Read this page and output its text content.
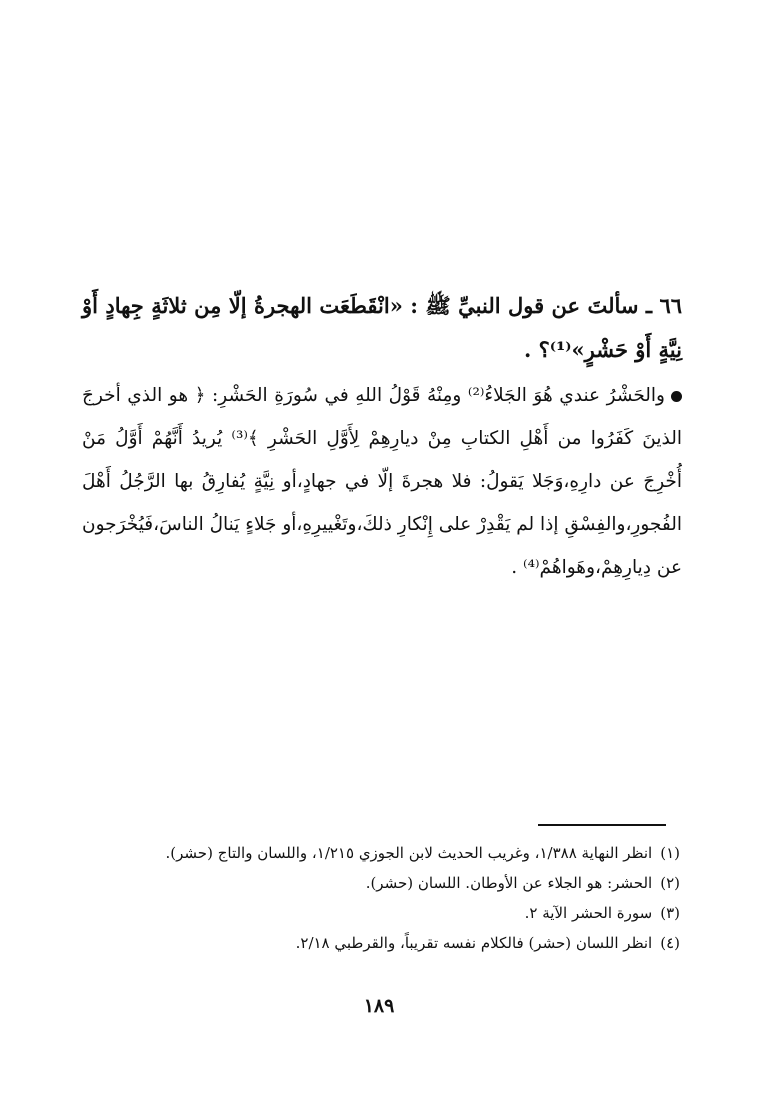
٦٦ ـ سألتَ عن قول النبيِّ ﷺ : «انْقَطَعَت الهجرةُ إلّا مِن ثلاثَةٍ جِهادٍ أَوْ نِيَّةٍ أَوْ حَشْرٍ»⁽¹⁾؟ .

والحَشْرُ عندي هُوَ الجَلاءُ⁽²⁾ ومِنْهُ قَوْلُ اللهِ في سُورَةِ الحَشْرِ: ﴿ هو الذي أخرجَ الذينَ كَفَرُوا من أَهْلِ الكتابِ مِنْ ديارِهِمْ لِأَوَّلِ الحَشْرِ ﴾⁽³⁾ يُريدُ أَنَّهُمْ أَوَّلُ مَنْ أُخْرِجَ عن دارِهِ،وَجَلا يَقولُ: فلا هجرةَ إلّا في جهادٍ،أو نِيَّةٍ يُفارِقُ بها الرَّجُلُ أَهْلَ الفُجورِ،والفِسْقِ إذا لم يَقْدِرْ على إِنْكارِ ذلكَ،وتَغْييرِهِ،أو جَلاءٍ يَنالُ الناسَ،فَيُخْرَجون عن دِيارِهِمْ،وهَواهُمْ⁽⁴⁾ .

(١)انظر النهاية ١/٣٨٨، وغريب الحديث لابن الجوزي ١/٢١٥، واللسان والتاج (حشر).
(٢)الحشر: هو الجلاء عن الأوطان. اللسان (حشر).
(٣)سورة الحشر الآية ٢.
(٤)انظر اللسان (حشر) فالكلام نفسه تقريباً، والقرطبي ٢/١٨.
١٨٩
